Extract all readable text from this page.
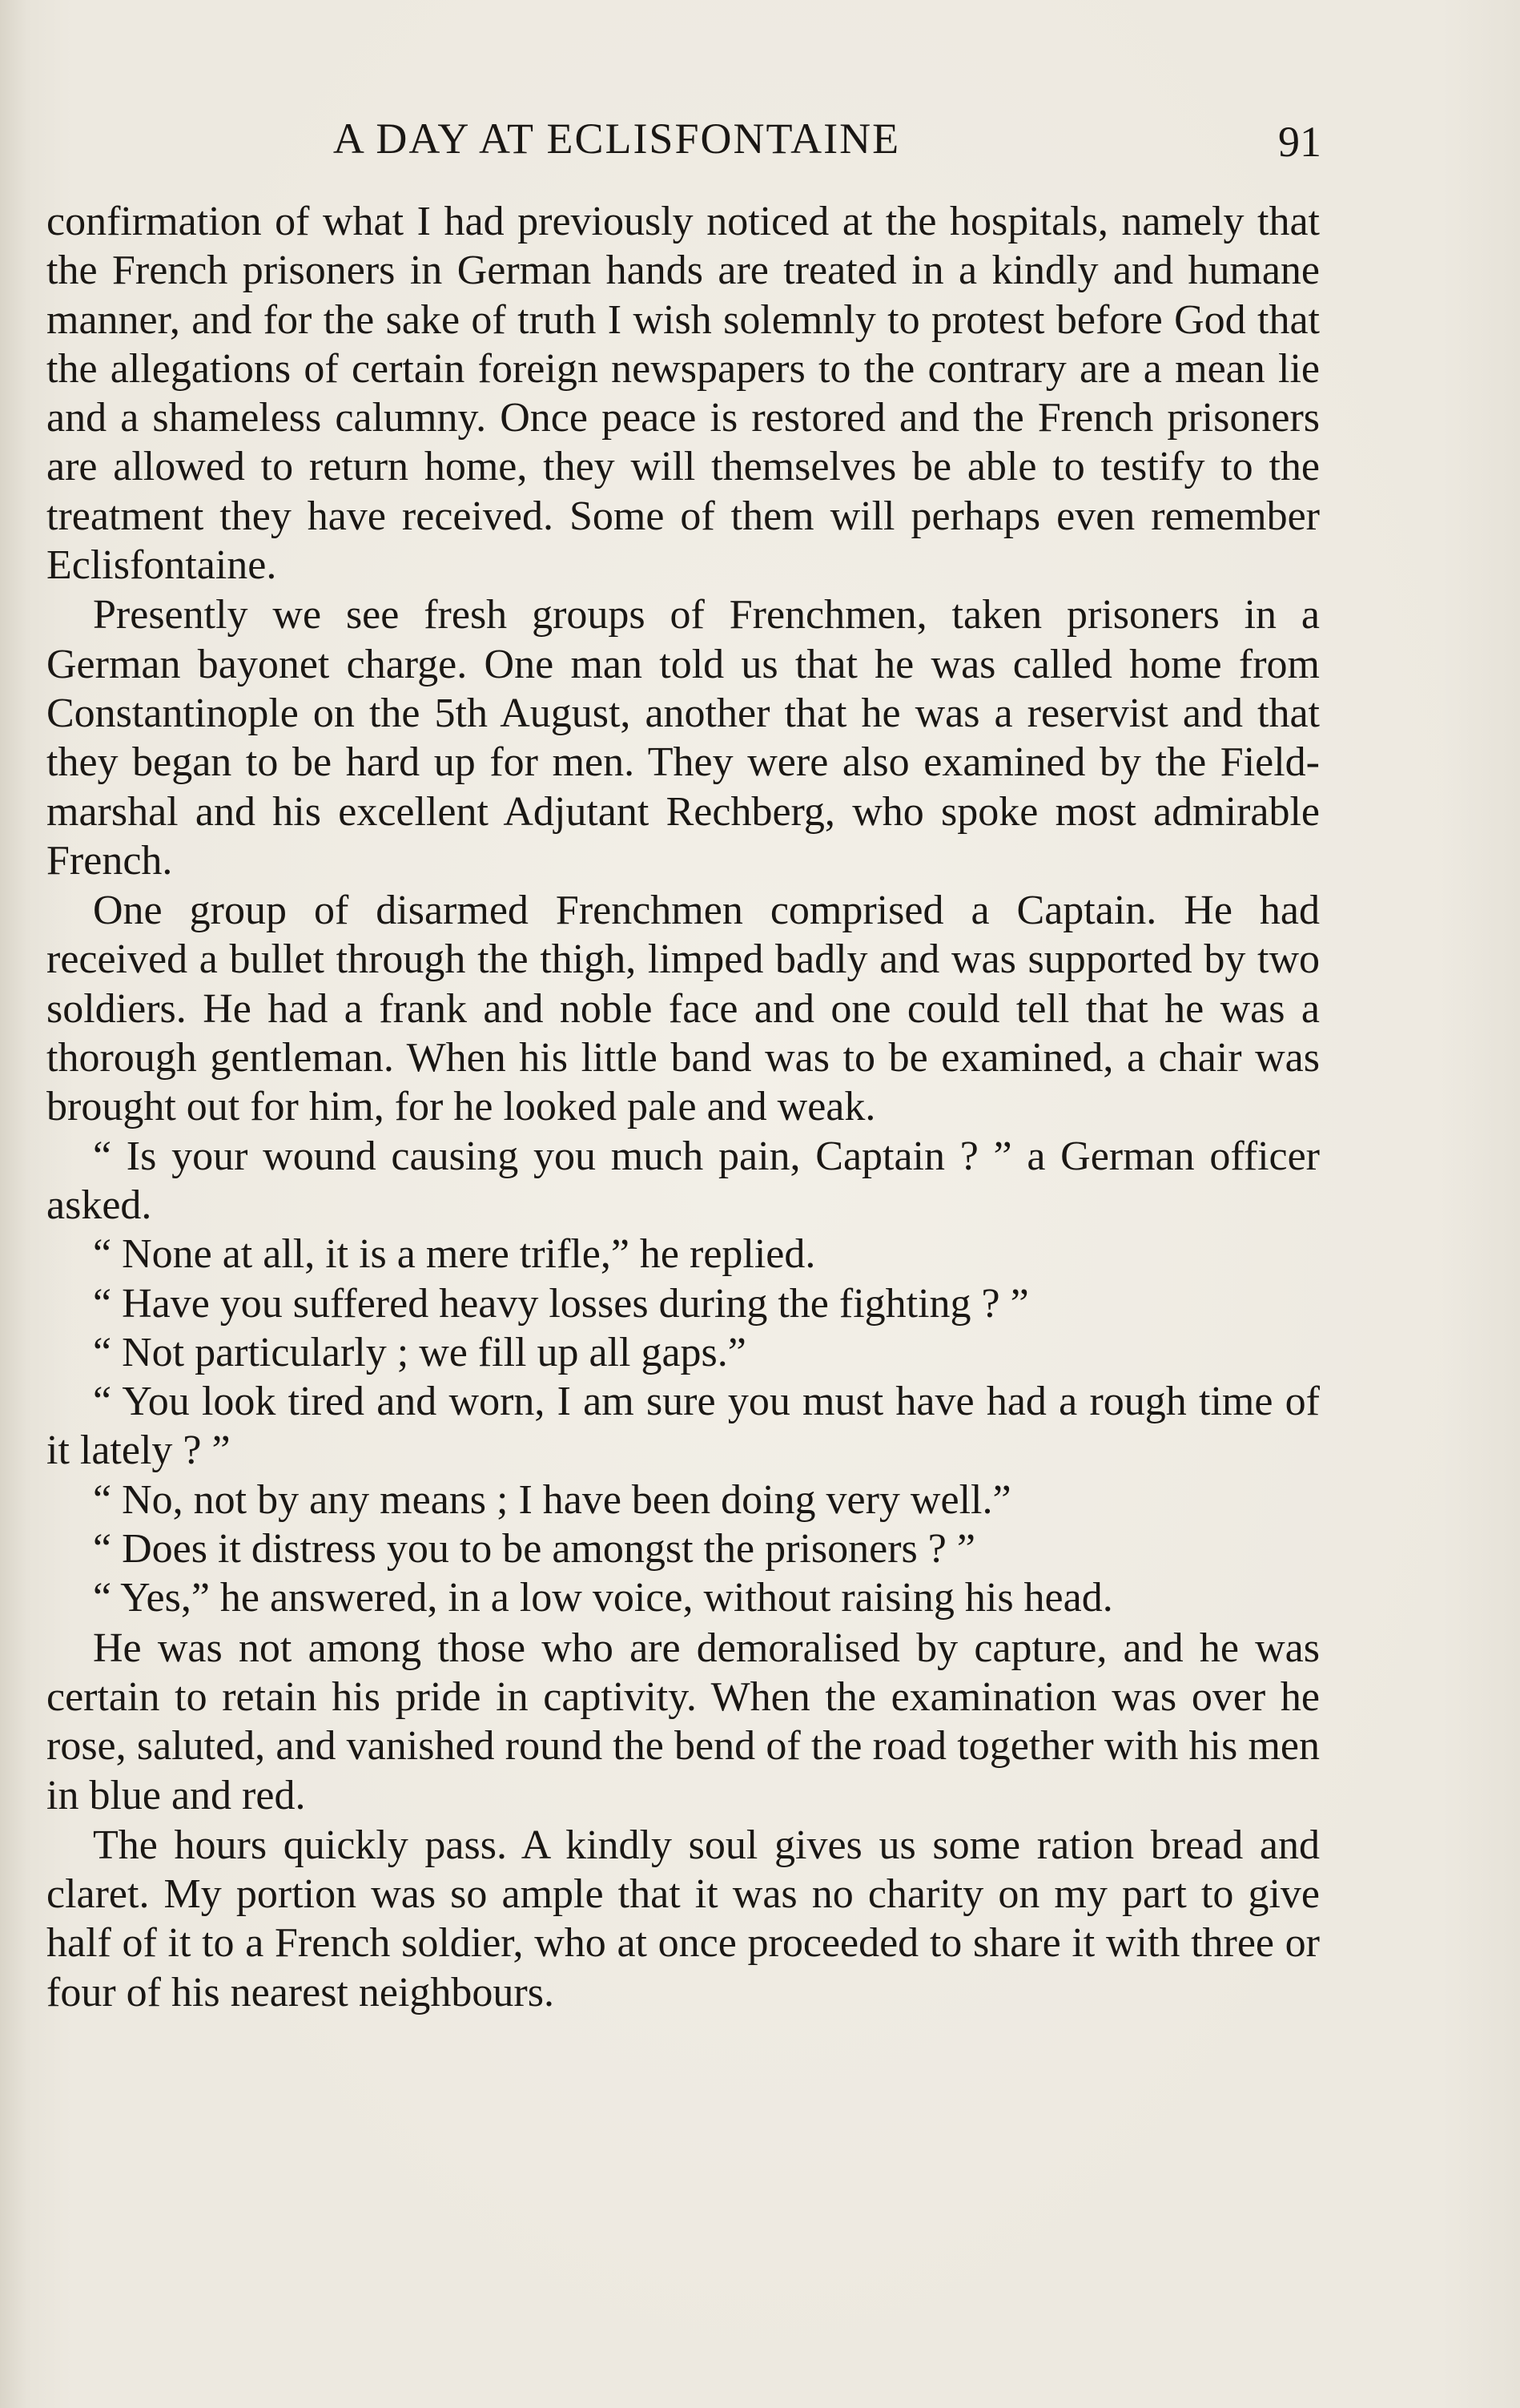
A DAY AT ECLISFONTAINE	91

confirmation of what I had previously noticed at the hospitals, namely that the French prisoners in German hands are treated in a kindly and humane manner, and for the sake of truth I wish solemnly to protest before God that the allegations of certain foreign newspapers to the contrary are a mean lie and a shameless calumny. Once peace is restored and the French prisoners are allowed to return home, they will themselves be able to testify to the treatment they have received. Some of them will perhaps even remember Eclisfontaine.

Presently we see fresh groups of Frenchmen, taken prisoners in a German bayonet charge. One man told us that he was called home from Constantinople on the 5th August, another that he was a reservist and that they began to be hard up for men. They were also examined by the Field-marshal and his excellent Adjutant Rechberg, who spoke most admirable French.

One group of disarmed Frenchmen comprised a Captain. He had received a bullet through the thigh, limped badly and was supported by two soldiers. He had a frank and noble face and one could tell that he was a thorough gentleman. When his little band was to be examined, a chair was brought out for him, for he looked pale and weak.

“ Is your wound causing you much pain, Captain ? ” a German officer asked.

“ None at all, it is a mere trifle,” he replied.

“ Have you suffered heavy losses during the fighting ? ”

“ Not particularly ; we fill up all gaps.”

“ You look tired and worn, I am sure you must have had a rough time of it lately ? ”

“ No, not by any means ; I have been doing very well.”

“ Does it distress you to be amongst the prisoners ? ”

“ Yes,” he answered, in a low voice, without raising his head.

He was not among those who are demoralised by capture, and he was certain to retain his pride in captivity. When the examination was over he rose, saluted, and vanished round the bend of the road together with his men in blue and red.

The hours quickly pass. A kindly soul gives us some ration bread and claret. My portion was so ample that it was no charity on my part to give half of it to a French soldier, who at once proceeded to share it with three or four of his nearest neighbours.
